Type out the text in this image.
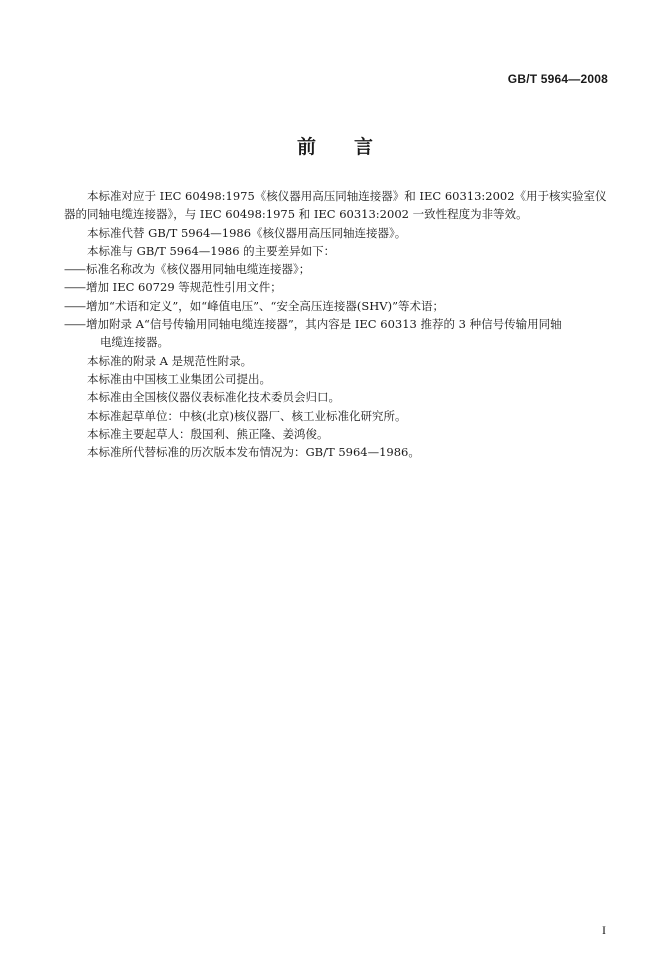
GB/T 5964—2008
前 言

本标准对应于 IEC 60498:1975《核仪器用高压同轴连接器》和 IEC 60313:2002《用于核实验室仪器的同轴电缆连接器》，与 IEC 60498:1975 和 IEC 60313:2002 一致性程度为非等效。

本标准代替 GB/T 5964—1986《核仪器用高压同轴连接器》。

本标准与 GB/T 5964—1986 的主要差异如下：

—— 标准名称改为《核仪器用同轴电缆连接器》；
—— 增加 IEC 60729 等规范性引用文件；
—— 增加“术语和定义”，如“峰值电压”、“安全高压连接器(SHV)”等术语；
—— 增加附录 A“信号传输用同轴电缆连接器”，其内容是 IEC 60313 推荐的 3 种信号传输用同轴
电缆连接器。

本标准的附录 A 是规范性附录。

本标准由中国核工业集团公司提出。

本标准由全国核仪器仪表标准化技术委员会归口。

本标准起草单位：中核(北京)核仪器厂、核工业标准化研究所。

本标准主要起草人：殷国利、熊正隆、姜鸿俊。

本标准所代替标准的历次版本发布情况为：GB/T 5964—1986。

I
